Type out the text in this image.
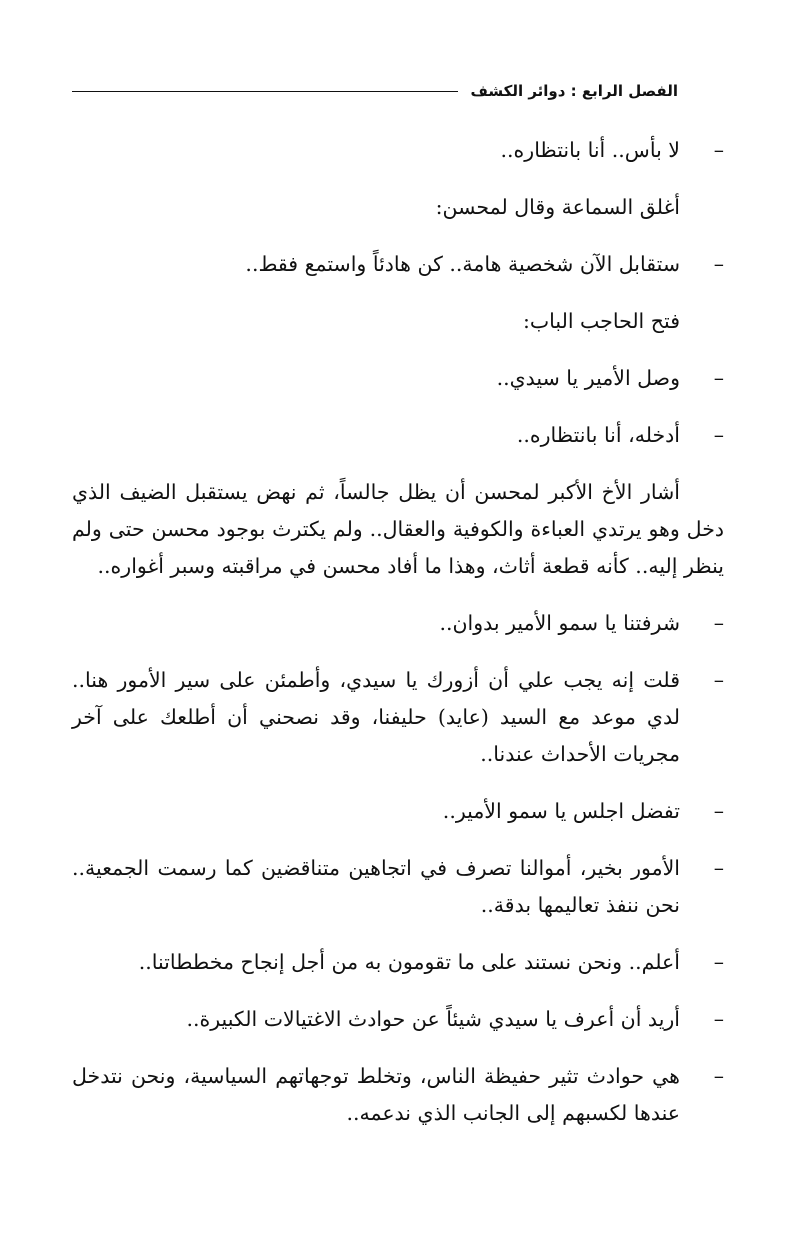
الفصل الرابع : دوائر الكشف
–

لا بأس.. أنا بانتظاره..

أغلق السماعة وقال لمحسن:

–

ستقابل الآن شخصية هامة.. كن هادئاً واستمع فقط..

فتح الحاجب الباب:

–

وصل الأمير يا سيدي..

–

أدخله، أنا بانتظاره..

أشار الأخ الأكبر لمحسن أن يظل جالساً، ثم نهض يستقبل الضيف الذي دخل وهو يرتدي العباءة والكوفية والعقال.. ولم يكترث بوجود محسن حتى ولم ينظر إليه.. كأنه قطعة أثاث، وهذا ما أفاد محسن في مراقبته وسبر أغواره..

–

شرفتنا يا سمو الأمير بدوان..

–

قلت إنه يجب علي أن أزورك يا سيدي، وأطمئن على سير الأمور هنا.. لدي موعد مع السيد (عايد) حليفنا، وقد نصحني أن أطلعك على آخر مجريات الأحداث عندنا..

–

تفضل اجلس يا سمو الأمير..

–

الأمور بخير، أموالنا تصرف في اتجاهين متناقضين كما رسمت الجمعية.. نحن ننفذ تعاليمها بدقة..

–

أعلم.. ونحن نستند على ما تقومون به من أجل إنجاح مخططاتنا..

–

أريد أن أعرف يا سيدي شيئاً عن حوادث الاغتيالات الكبيرة..

–

هي حوادث تثير حفيظة الناس، وتخلط توجهاتهم السياسية، ونحن نتدخل عندها لكسبهم إلى الجانب الذي ندعمه..
